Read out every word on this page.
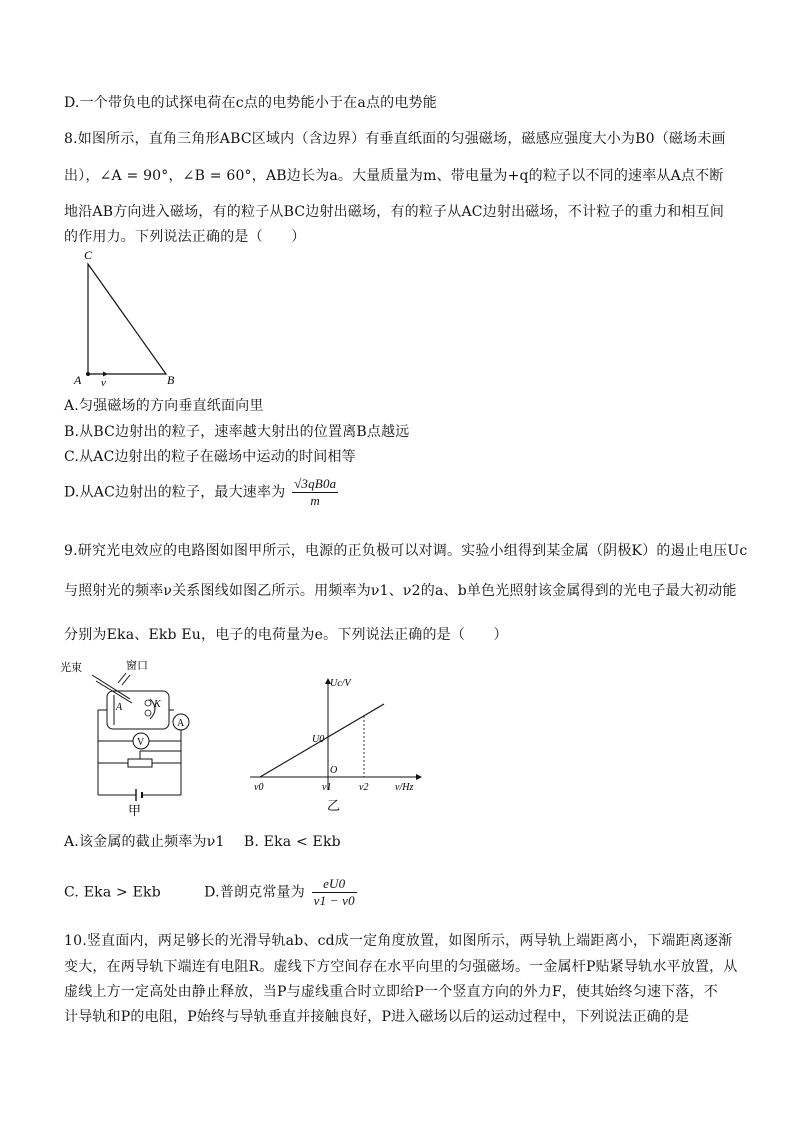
D.一个带负电的试探电荷在c点的电势能小于在a点的电势能
8.如图所示，直角三角形ABC区域内（含边界）有垂直纸面的匀强磁场，磁感应强度大小为B0（磁场未画
出），∠A = 90°，∠B = 60°，AB边长为a。大量质量为m、带电量为+q的粒子以不同的速率从A点不断
地沿AB方向进入磁场，有的粒子从BC边射出磁场，有的粒子从AC边射出磁场，不计粒子的重力和相互间
的作用力。下列说法正确的是（　　）
C
A	B
v
A.匀强磁场的方向垂直纸面向里
B.从BC边射出的粒子，速率越大射出的位置离B点越远
C.从AC边射出的粒子在磁场中运动的时间相等
D.从AC边射出的粒子，最大速率为 $\frac{√3qB0a}{m}$
9.研究光电效应的电路图如图甲所示，电源的正负极可以对调。实验小组得到某金属（阴极K）的遏止电压Uc
与照射光的频率ν关系图线如图乙所示。用频率为ν1、ν2的a、b单色光照射该金属得到的光电子最大初动能
分别为Eka、Ekb Eu，电子的电荷量为e。下列说法正确的是（　　）
光束	窗口
A	K
A
V
甲
Uc/V
U0
O
ν0	ν1	ν2	ν/Hz
乙
A.该金属的截止频率为ν1 B. Eka < Ekb
C. Eka > Ekb	D.普朗克常量为 $\frac{eU0}{\nu 1 - \nu 0}$
10.竖直面内，两足够长的光滑导轨ab、cd成一定角度放置，如图所示，两导轨上端距离小，下端距离逐渐
变大，在两导轨下端连有电阻R。虚线下方空间存在水平向里的匀强磁场。一金属杆P贴紧导轨水平放置，从
虚线上方一定高处由静止释放，当P与虚线重合时立即给P一个竖直方向的外力F，使其始终匀速下落，不
计导轨和P的电阻，P始终与导轨垂直并接触良好，P进入磁场以后的运动过程中，下列说法正确的是
